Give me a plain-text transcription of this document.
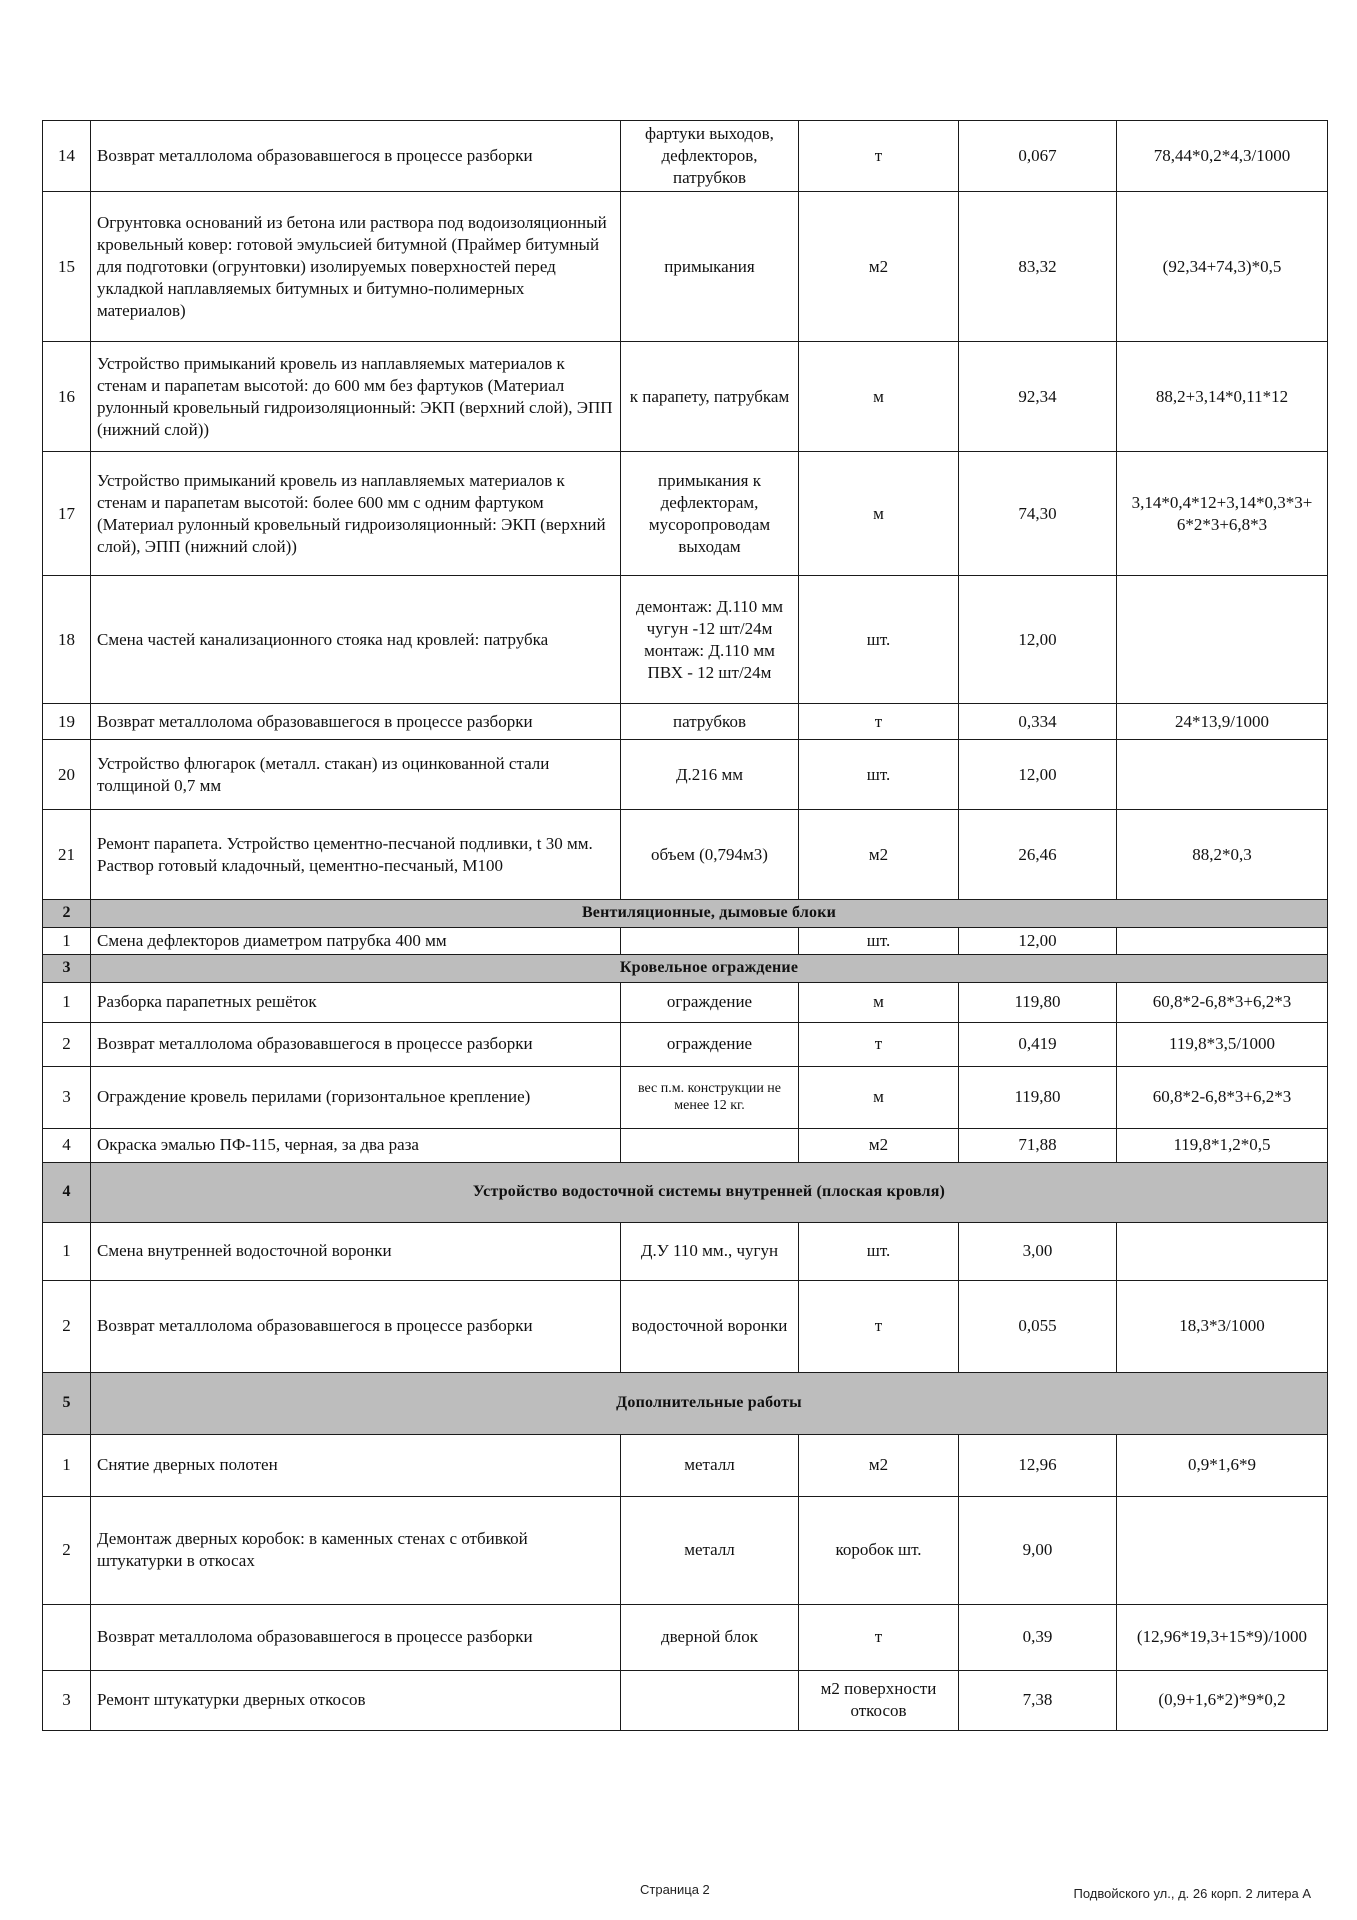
14	Возврат металлолома образовавшегося в процессе разборки	фартуки выходов, дефлекторов, патрубков	т	0,067	78,44*0,2*4,3/1000
15	Огрунтовка оснований из бетона или раствора под водоизоляционный кровельный ковер: готовой эмульсией битумной (Праймер битумный для подготовки (огрунтовки) изолируемых поверхностей перед укладкой наплавляемых битумных и битумно-полимерных материалов)	примыкания	м2	83,32	(92,34+74,3)*0,5
16	Устройство примыканий кровель из наплавляемых материалов к стенам и парапетам высотой: до 600 мм без фартуков (Материал рулонный кровельный гидроизоляционный: ЭКП (верхний слой), ЭПП (нижний слой))	к парапету, патрубкам	м	92,34	88,2+3,14*0,11*12
17	Устройство примыканий кровель из наплавляемых материалов к стенам и парапетам высотой: более 600 мм с одним фартуком (Материал рулонный кровельный гидроизоляционный: ЭКП (верхний слой), ЭПП (нижний слой))	примыкания к дефлекторам, мусоропроводам выходам	м	74,30	3,14*0,4*12+3,14*0,3*3+ 6*2*3+6,8*3
18	Смена частей канализационного стояка над кровлей: патрубка	демонтаж: Д.110 мм чугун -12 шт/24м монтаж: Д.110 мм ПВХ - 12 шт/24м	шт.	12,00	
19	Возврат металлолома образовавшегося в процессе разборки	патрубков	т	0,334	24*13,9/1000
20	Устройство флюгарок (металл. стакан) из оцинкованной стали толщиной 0,7 мм	Д.216 мм	шт.	12,00	
21	Ремонт парапета. Устройство цементно-песчаной подливки, t 30 мм. Раствор готовый кладочный, цементно-песчаный, М100	объем (0,794м3)	м2	26,46	88,2*0,3
2	Вентиляционные, дымовые блоки				
1	Смена дефлекторов диаметром патрубка 400 мм		шт.	12,00	
3	Кровельное ограждение				
1	Разборка парапетных решёток	ограждение	м	119,80	60,8*2-6,8*3+6,2*3
2	Возврат металлолома образовавшегося в процессе разборки	ограждение	т	0,419	119,8*3,5/1000
3	Ограждение кровель перилами (горизонтальное крепление)	вес п.м. конструкции не менее 12 кг.	м	119,80	60,8*2-6,8*3+6,2*3
4	Окраска эмалью ПФ-115, черная, за два раза		м2	71,88	119,8*1,2*0,5
4	Устройство водосточной системы внутренней (плоская кровля)				
1	Смена внутренней водосточной воронки	Д.У 110 мм., чугун	шт.	3,00	
2	Возврат металлолома образовавшегося в процессе разборки	водосточной воронки	т	0,055	18,3*3/1000
5	Дополнительные работы				
1	Снятие дверных полотен	металл	м2	12,96	0,9*1,6*9
2	Демонтаж дверных коробок: в каменных стенах с отбивкой штукатурки в откосах	металл	коробок шт.	9,00	
	Возврат металлолома образовавшегося в процессе разборки	дверной блок	т	0,39	(12,96*19,3+15*9)/1000
3	Ремонт штукатурки дверных откосов		м2 поверхности откосов	7,38	(0,9+1,6*2)*9*0,2
Страница 2	Подвойского ул., д. 26 корп. 2 литера А
